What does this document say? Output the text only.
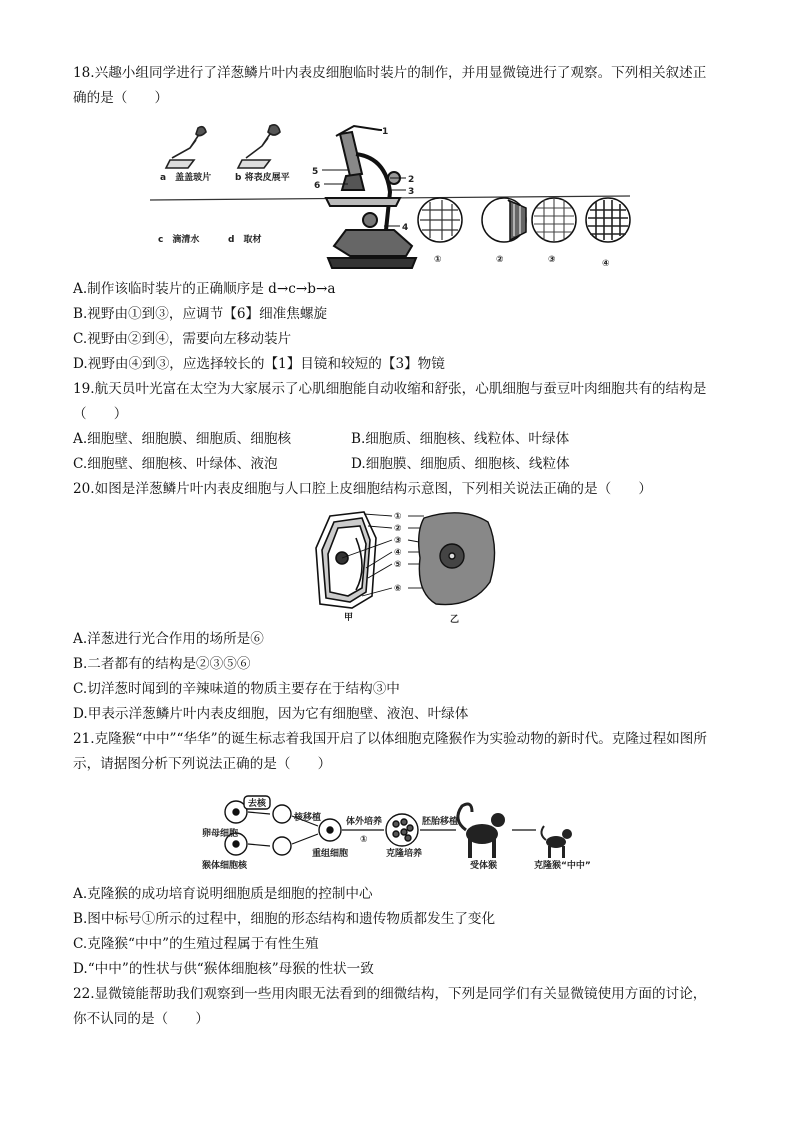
18.兴趣小组同学进行了洋葱鳞片叶内表皮细胞临时装片的制作，并用显微镜进行了观察。下列相关叙述正
确的是（　　）
a　盖盖玻片	b 将表皮展平
c　滴清水	d　取材
1
2
3
4
5
6
①	②	③	④
A.制作该临时装片的正确顺序是 d→c→b→a
B.视野由①到③，应调节【6】细准焦螺旋
C.视野由②到④，需要向左移动装片
D.视野由④到③，应选择较长的【1】目镜和较短的【3】物镜
19.航天员叶光富在太空为大家展示了心肌细胞能自动收缩和舒张，心肌细胞与蚕豆叶肉细胞共有的结构是
（　　）
A.细胞壁、细胞膜、细胞质、细胞核	B.细胞质、细胞核、线粒体、叶绿体
C.细胞壁、细胞核、叶绿体、液泡	D.细胞膜、细胞质、细胞核、线粒体
20.如图是洋葱鳞片叶内表皮细胞与人口腔上皮细胞结构示意图，下列相关说法正确的是（　　）
①
②
③
④
⑤
⑥
甲	乙
A.洋葱进行光合作用的场所是⑥
B.二者都有的结构是②③⑤⑥
C.切洋葱时闻到的辛辣味道的物质主要存在于结构③中
D.甲表示洋葱鳞片叶内表皮细胞，因为它有细胞壁、液泡、叶绿体
21.克隆猴“中中”“华华”的诞生标志着我国开启了以体细胞克隆猴作为实验动物的新时代。克隆过程如图所
示，请据图分析下列说法正确的是（　　）
卵母细胞
去核
猴体细胞核
核移植
重组细胞
体外培养
①
克隆培养
胚胎移植
受体猴	克隆猴“中中”
A.克隆猴的成功培育说明细胞质是细胞的控制中心
B.图中标号①所示的过程中，细胞的形态结构和遗传物质都发生了变化
C.克隆猴“中中”的生殖过程属于有性生殖
D.“中中”的性状与供“猴体细胞核”母猴的性状一致
22.显微镜能帮助我们观察到一些用肉眼无法看到的细微结构，下列是同学们有关显微镜使用方面的讨论，
你不认同的是（　　）
